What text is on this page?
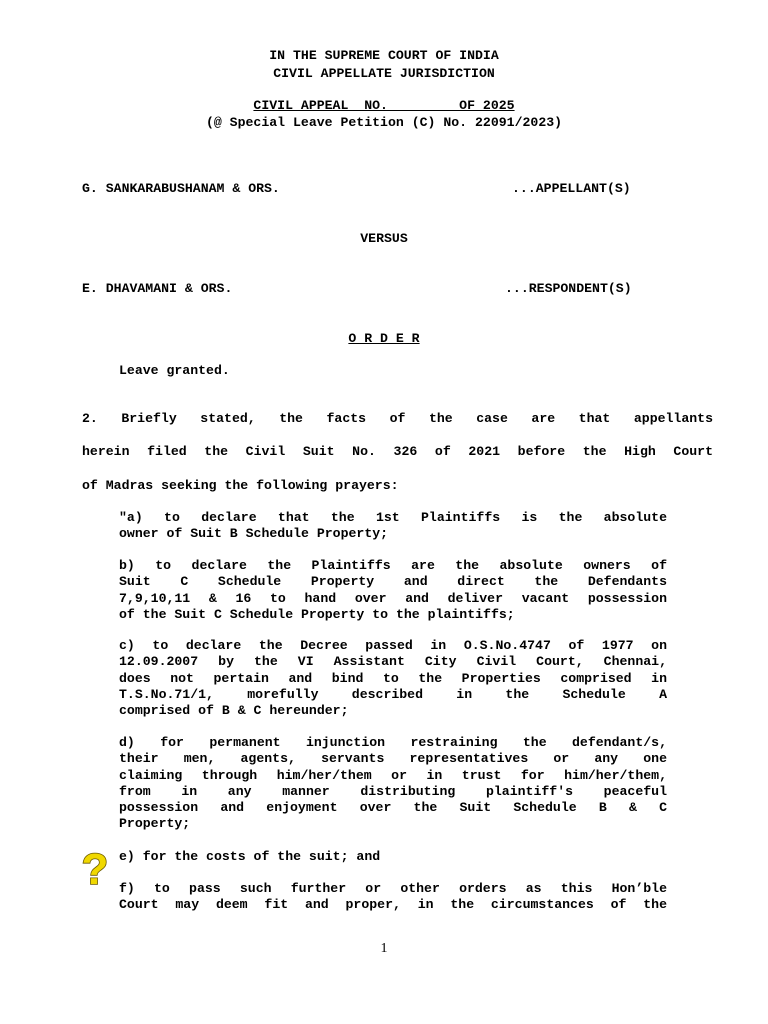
IN THE SUPREME COURT OF INDIA
CIVIL APPELLATE JURISDICTION
CIVIL APPEAL  NO.         OF 2025
(@ Special Leave Petition (C) No. 22091/2023)
G. SANKARABUSHANAM & ORS.	...APPELLANT(S)
VERSUS
E. DHAVAMANI & ORS.	...RESPONDENT(S)
O R D E R
Leave granted.
2. Briefly stated, the facts of the case are that appellants
herein filed the Civil Suit No. 326 of 2021 before the High Court
of Madras seeking the following prayers:
"a) to declare that the 1st Plaintiffs is the absolute
owner of Suit B Schedule Property;
b) to declare the Plaintiffs are the absolute owners of
Suit C Schedule Property and direct the Defendants
7,9,10,11 & 16 to hand over and deliver vacant possession
of the Suit C Schedule Property to the plaintiffs;
c) to declare the Decree passed in O.S.No.4747 of 1977 on
12.09.2007 by the VI Assistant City Civil Court, Chennai,
does not pertain and bind to the Properties comprised in
T.S.No.71/1, morefully described in the Schedule A
comprised of B & C hereunder;
d) for permanent injunction restraining the defendant/s,
their men, agents, servants representatives or any one
claiming through him/her/them or in trust for him/her/them,
from in any manner distributing plaintiff's peaceful
possession and enjoyment over the Suit Schedule B & C
Property;
e) for the costs of the suit; and
f) to pass such further or other orders as this Hon’ble
Court may deem fit and proper, in the circumstances of the
?
1
